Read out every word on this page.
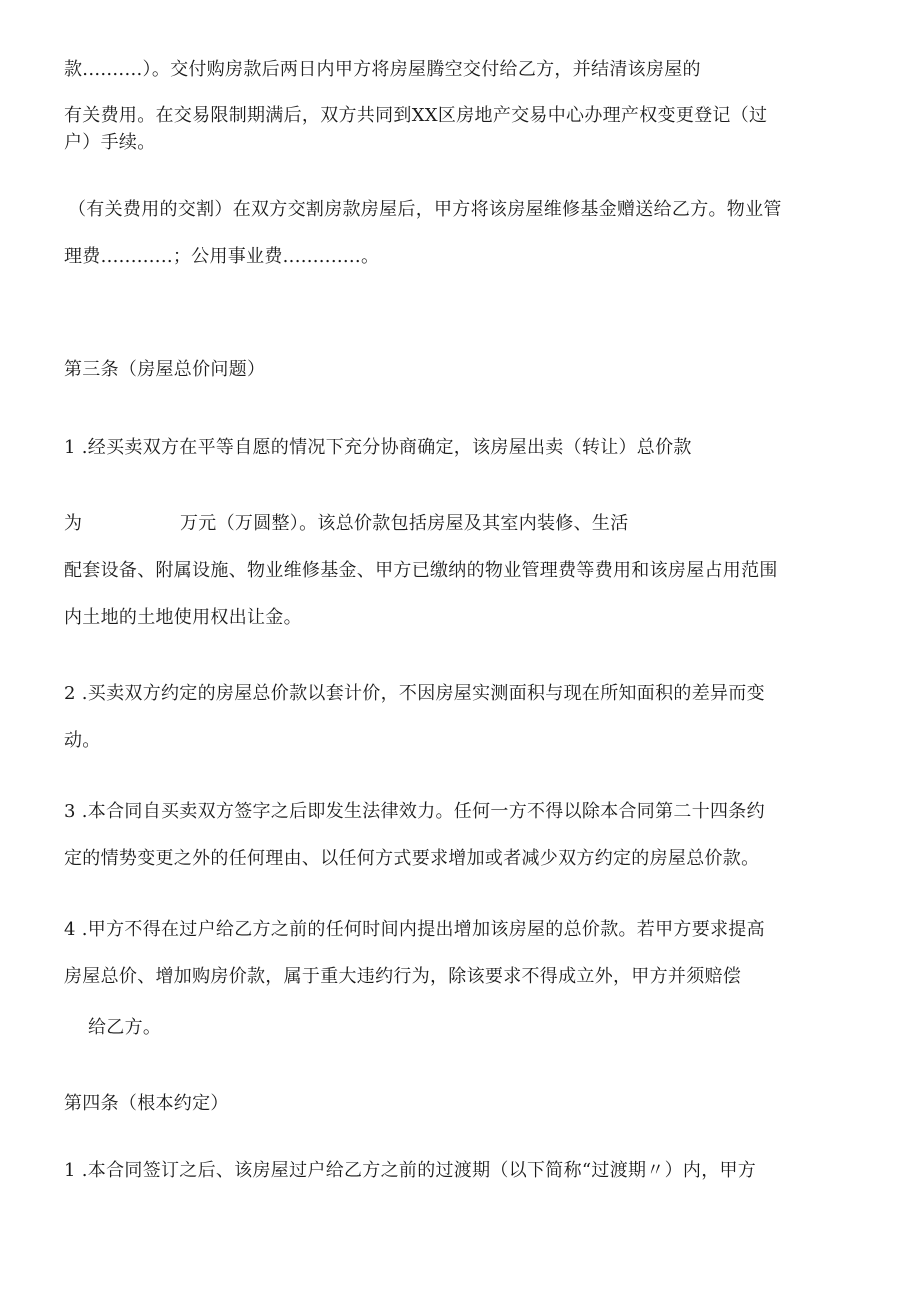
款..........）。交付购房款后两日内甲方将房屋腾空交付给乙方，并结清该房屋的
有关费用。在交易限制期满后，双方共同到XX区房地产交易中心办理产权变更登记（过
户）手续。
（有关费用的交割）在双方交割房款房屋后，甲方将该房屋维修基金赠送给乙方。物业管
理费............；公用事业费.............。
第三条（房屋总价问题）
1 .经买卖双方在平等自愿的情况下充分协商确定，该房屋出卖（转让）总价款
为	万元（万圆整）。该总价款包括房屋及其室内装修、生活
配套设备、附属设施、物业维修基金、甲方已缴纳的物业管理费等费用和该房屋占用范围
内土地的土地使用权出让金。
2 .买卖双方约定的房屋总价款以套计价，不因房屋实测面积与现在所知面积的差异而变
动。
3 .本合同自买卖双方签字之后即发生法律效力。任何一方不得以除本合同第二十四条约
定的情势变更之外的任何理由、以任何方式要求增加或者减少双方约定的房屋总价款。
4 .甲方不得在过户给乙方之前的任何时间内提出增加该房屋的总价款。若甲方要求提高
房屋总价、增加购房价款，属于重大违约行为，除该要求不得成立外，甲方并须赔偿
给乙方。
第四条（根本约定）
1 .本合同签订之后、该房屋过户给乙方之前的过渡期（以下简称“过渡期〃）内，甲方
